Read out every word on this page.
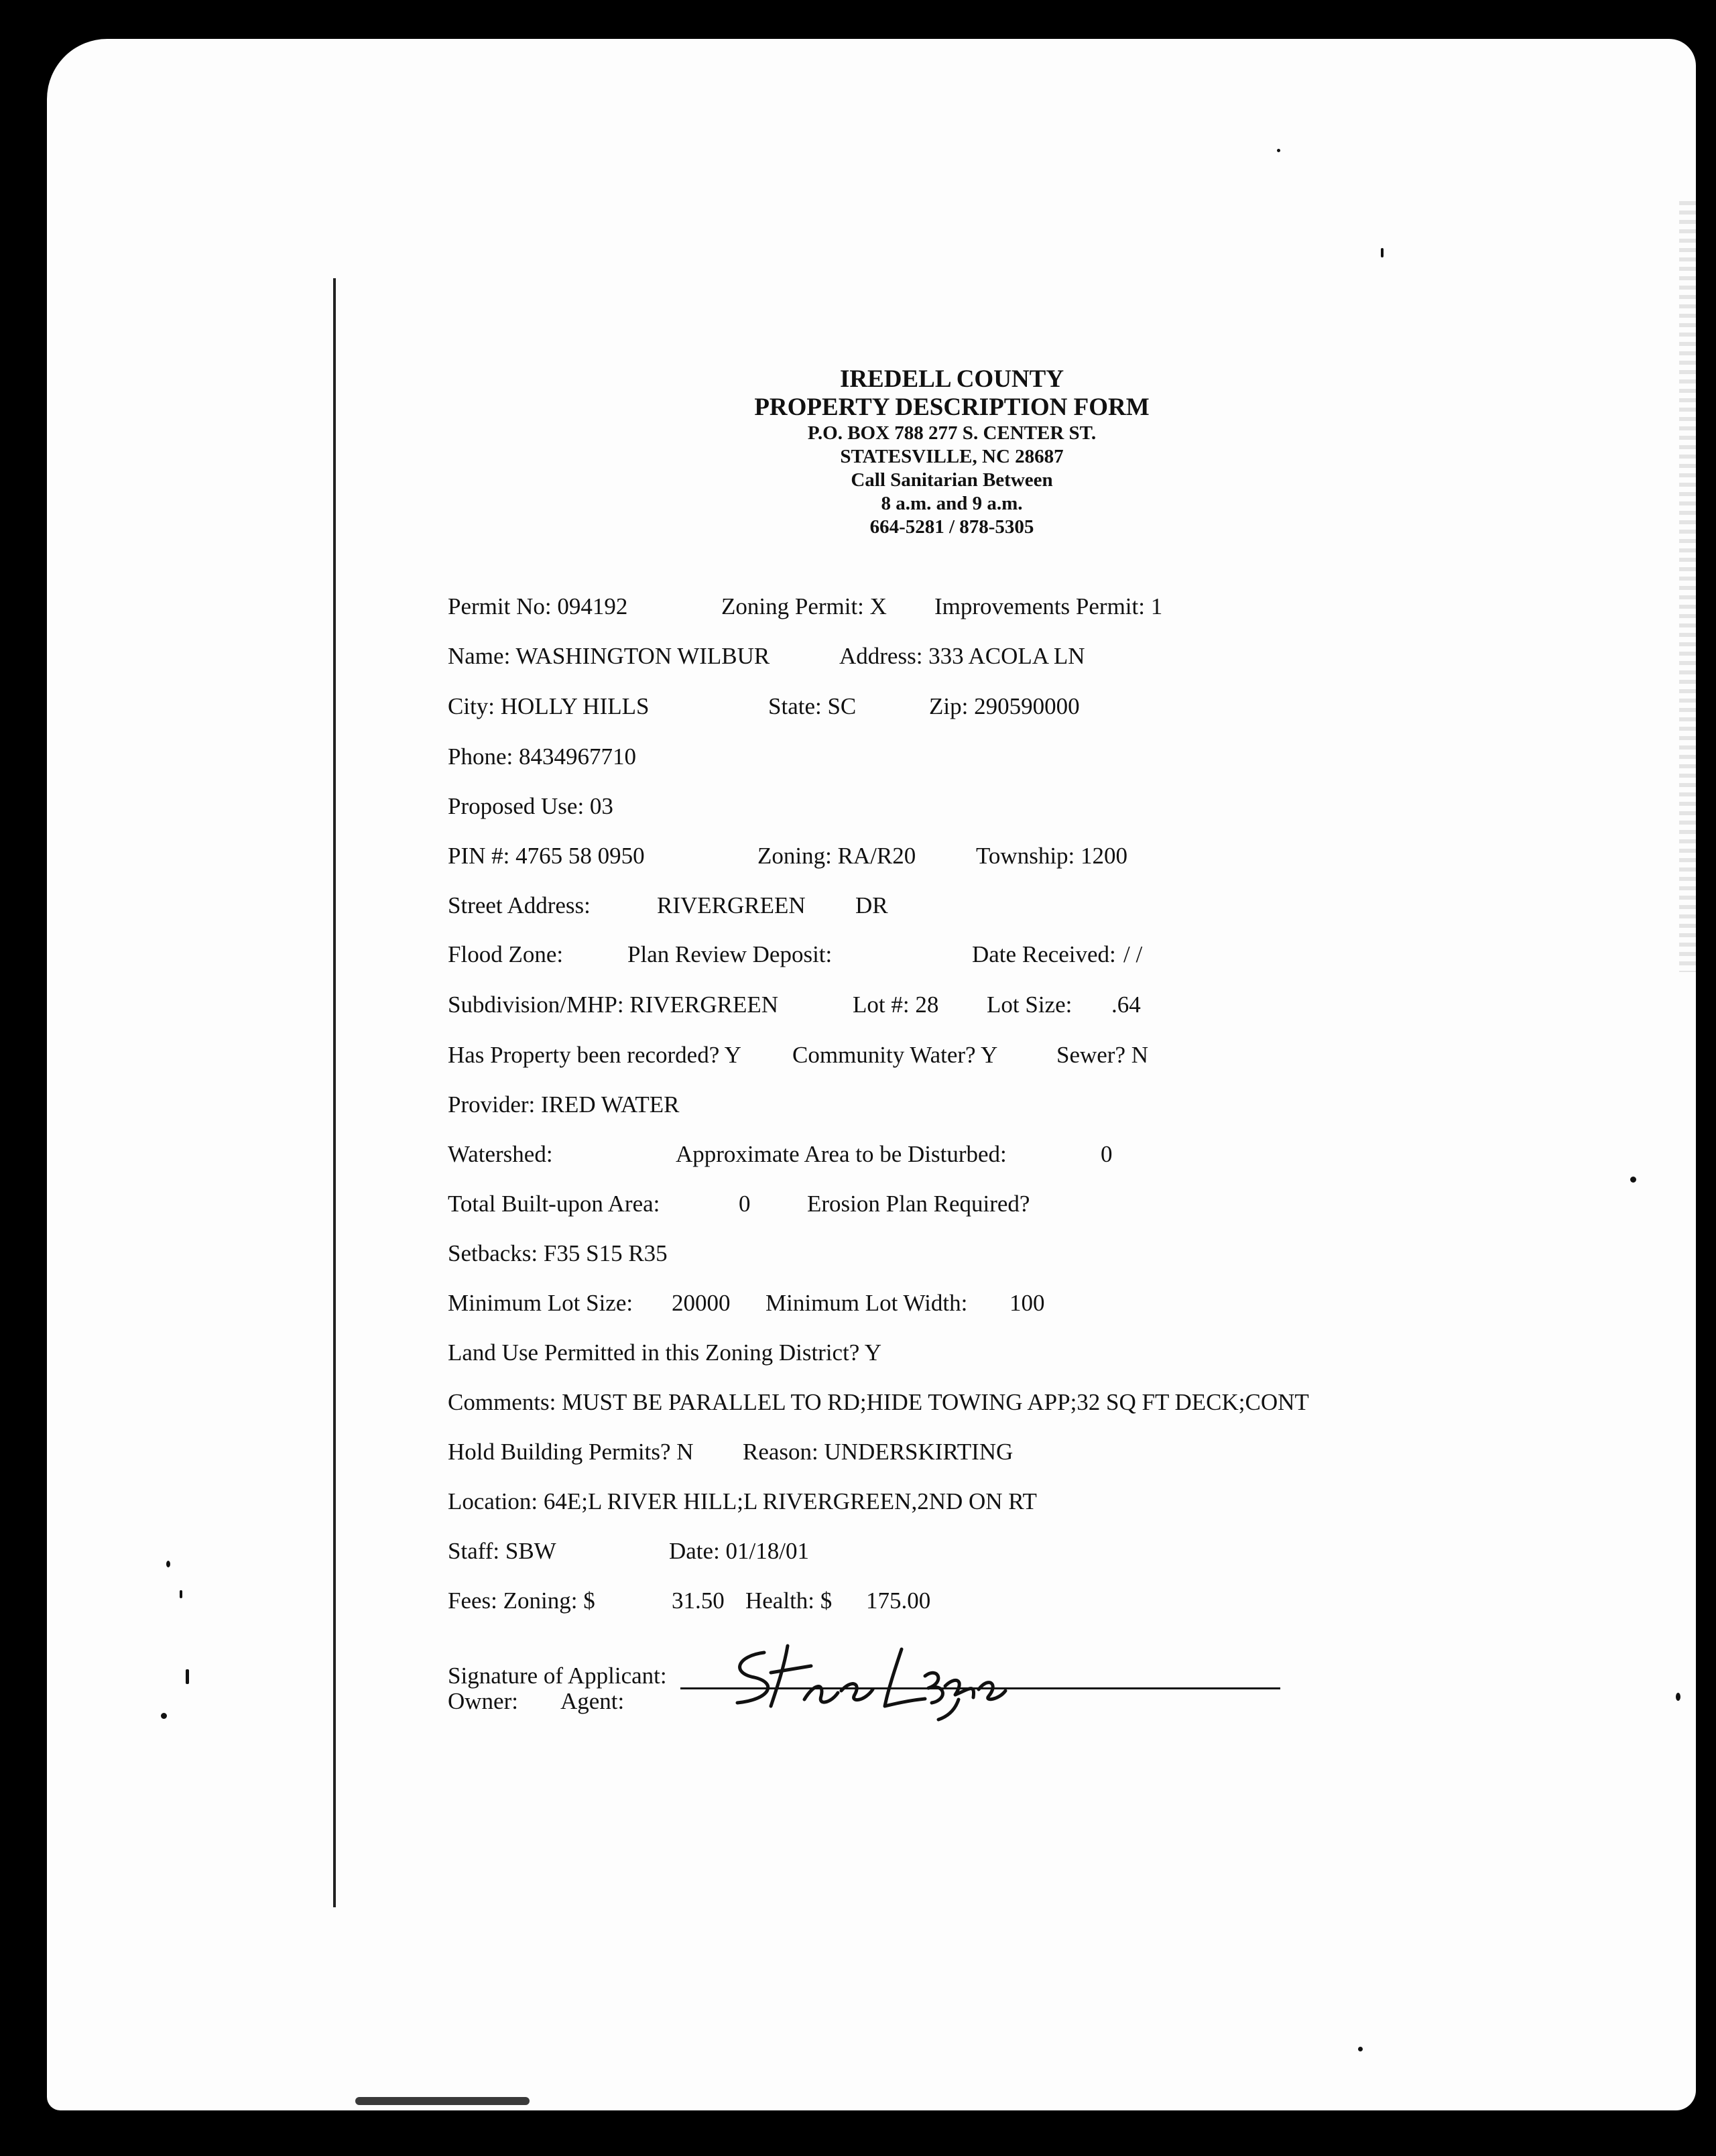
IREDELL COUNTY
PROPERTY DESCRIPTION FORM
P.O. BOX 788 277 S. CENTER ST.
STATESVILLE, NC 28687
Call Sanitarian Between
8 a.m. and 9 a.m.
664-5281 / 878-5305
Permit No: 094192	Zoning Permit: X Improvements Permit: 1
Name: WASHINGTON WILBUR	Address: 333 ACOLA LN
City: HOLLY HILLS	State: SC	Zip: 290590000
Phone: 8434967710
Proposed Use: 03
PIN #: 4765 58 0950	Zoning: RA/R20	Township: 1200
Street Address:	RIVERGREEN DR
Flood Zone:	Plan Review Deposit:	Date Received: / /
Subdivision/MHP: RIVERGREEN	Lot #: 28 Lot Size: .64
Has Property been recorded? Y Community Water? Y	Sewer? N
Provider: IRED WATER
Watershed:	Approximate Area to be Disturbed:	0
Total Built-upon Area:	0 Erosion Plan Required?
Setbacks: F35 S15 R35
Minimum Lot Size: 20000 Minimum Lot Width: 100
Land Use Permitted in this Zoning District? Y
Comments: MUST BE PARALLEL TO RD;HIDE TOWING APP;32 SQ FT DECK;CONT
Hold Building Permits? N Reason: UNDERSKIRTING
Location: 64E;L RIVER HILL;L RIVERGREEN,2ND ON RT
Staff: SBW	Date: 01/18/01
Fees: Zoning: $	31.50 Health: $ 175.00
Signature of Applicant:
Owner: Agent:
